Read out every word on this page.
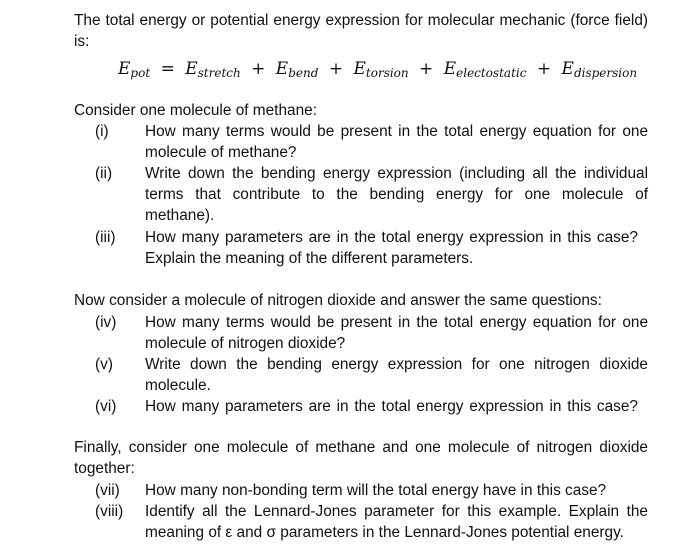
The total energy or potential energy expression for molecular mechanic (force field)
is:
$E_{pot} = E_{stretch} + E_{bend} + E_{torsion} + E_{electostatic} + E_{dispersion}$
Consider one molecule of methane:
(i) How many terms would be present in the total energy equation for one
molecule of methane?
(ii) Write down the bending energy expression (including all the individual
terms that contribute to the bending energy for one molecule of
methane).
(iii) How many parameters are in the total energy expression in this case?
Explain the meaning of the different parameters.
Now consider a molecule of nitrogen dioxide and answer the same questions:
(iv) How many terms would be present in the total energy equation for one
molecule of nitrogen dioxide?
(v) Write down the bending energy expression for one nitrogen dioxide
molecule.
(vi) How many parameters are in the total energy expression in this case?
Finally, consider one molecule of methane and one molecule of nitrogen dioxide
together:
(vii) How many non-bonding term will the total energy have in this case?
(viii) Identify all the Lennard-Jones parameter for this example. Explain the
meaning of ε and σ parameters in the Lennard-Jones potential energy.
